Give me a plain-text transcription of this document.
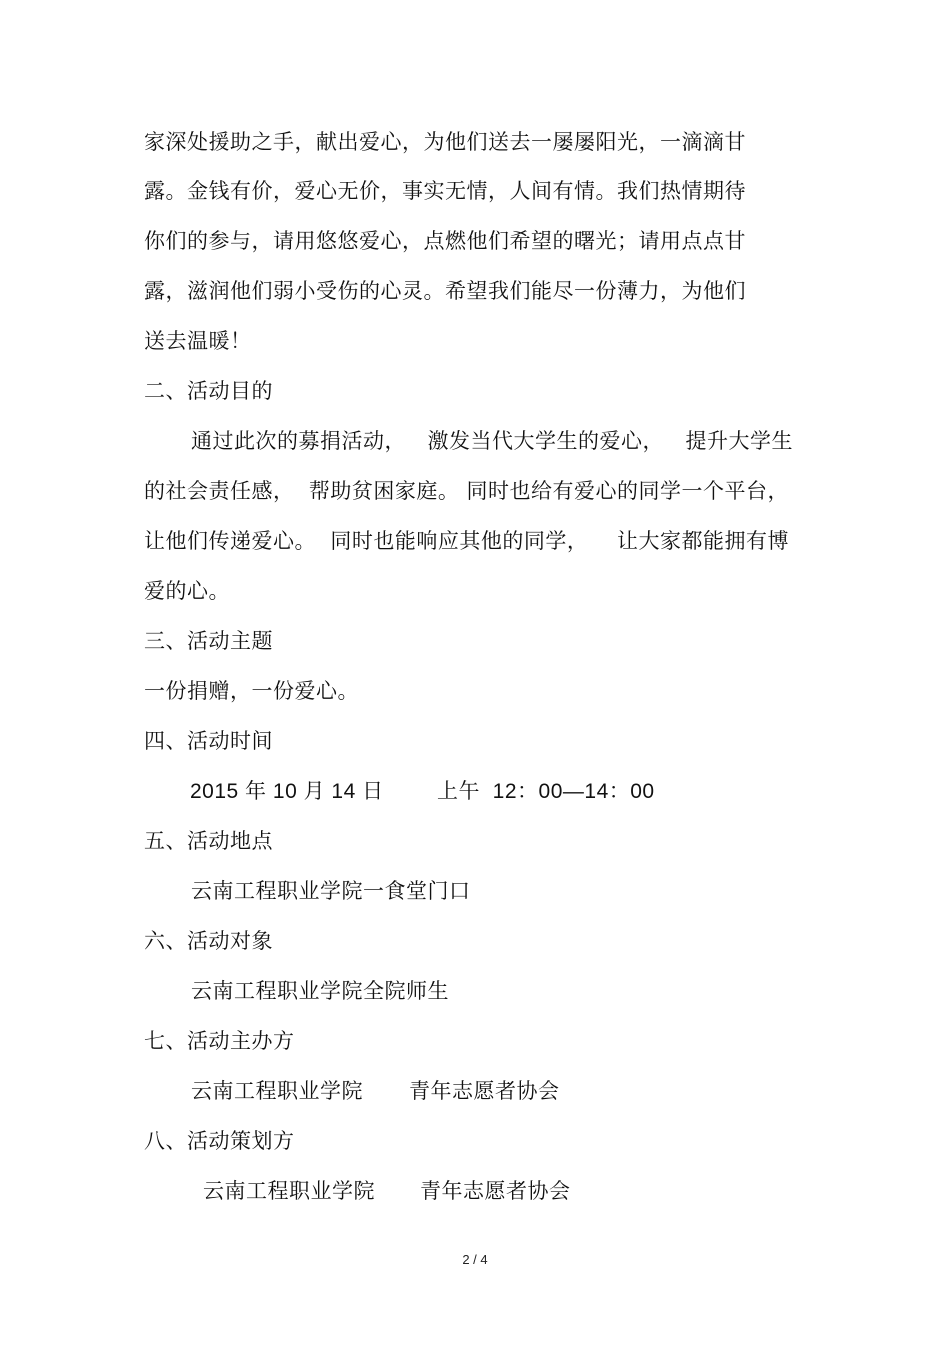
家深处援助之手，献出爱心，为他们送去一屡屡阳光，一滴滴甘
露。金钱有价，爱心无价，事实无情，人间有情。我们热情期待
你们的参与，请用悠悠爱心，点燃他们希望的曙光；请用点点甘
露，滋润他们弱小受伤的心灵。希望我们能尽一份薄力，为他们
送去温暖！
二、活动目的
通过此次的募捐活动，   激发当代大学生的爱心，   提升大学生
的社会责任感，  帮助贫困家庭。 同时也给有爱心的同学一个平台，
让他们传递爱心。  同时也能响应其他的同学，    让大家都能拥有博
爱的心。
三、活动主题
一份捐赠，一份爱心。
四、活动时间
2015 年 10 月 14 日	上午  12：00—14：00
五、活动地点
云南工程职业学院一食堂门口
六、活动对象
云南工程职业学院全院师生
七、活动主办方
云南工程职业学院 青年志愿者协会
八、活动策划方
云南工程职业学院 青年志愿者协会
2 / 4
